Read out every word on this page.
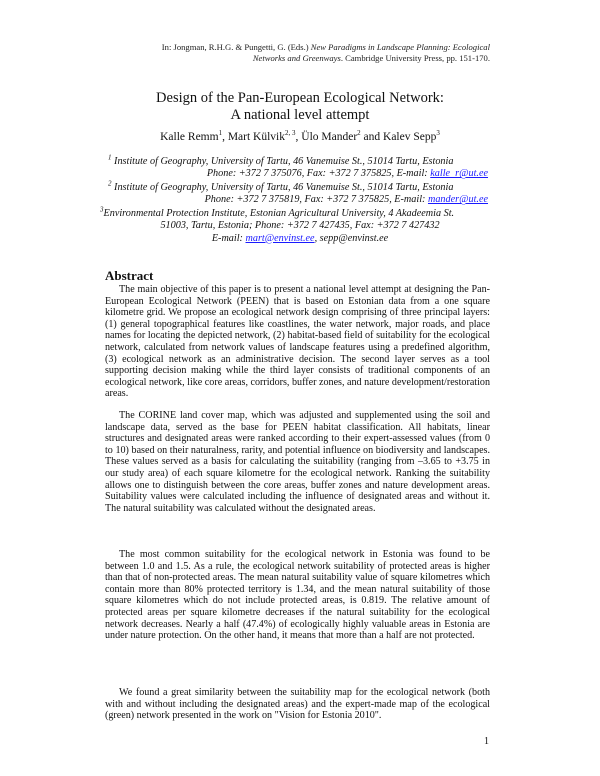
In: Jongman, R.H.G. & Pungetti, G. (Eds.) New Paradigms in Landscape Planning: Ecological
Networks and Greenways. Cambridge University Press, pp. 151-170.
Design of the Pan-European Ecological Network:
A national level attempt
Kalle Remm$^1$, Mart Külvik$^{2, 3}$, Ülo Mander$^2$ and Kalev Sepp$^3$
$^1$ Institute of Geography, University of Tartu, 46 Vanemuise St., 51014 Tartu, Estonia
Phone: +372 7 375076, Fax: +372 7 375825, E-mail: kalle_r@ut.ee
$^2$ Institute of Geography, University of Tartu, 46 Vanemuise St., 51014 Tartu, Estonia
Phone: +372 7 375819, Fax: +372 7 375825, E-mail: mander@ut.ee
$^3$Environmental Protection Institute, Estonian Agricultural University, 4 Akadeemia St.
51003, Tartu, Estonia; Phone: +372 7 427435, Fax: +372 7 427432
E-mail: mart@envinst.ee, sepp@envinst.ee
Abstract
The main objective of this paper is to present a national level attempt at designing the Pan-European Ecological Network (PEEN) that is based on Estonian data from a one square kilometre grid. We propose an ecological network design comprising of three principal layers: (1) general topographical features like coastlines, the water network, major roads, and place names for locating the depicted network, (2) habitat-based field of suitability for the ecological network, calculated from network values of landscape features using a predefined algorithm, (3) ecological network as an administrative decision. The second layer serves as a tool supporting decision making while the third layer consists of traditional components of an ecological network, like core areas, corridors, buffer zones, and nature development/restoration areas.
The CORINE land cover map, which was adjusted and supplemented using the soil and landscape data, served as the base for PEEN habitat classification. All habitats, linear structures and designated areas were ranked according to their expert-assessed values (from 0 to 10) based on their naturalness, rarity, and potential influence on biodiversity and landscapes. These values served as a basis for calculating the suitability (ranging from –3.65 to +3.75 in our study area) of each square kilometre for the ecological network. Ranking the suitability allows one to distinguish between the core areas, buffer zones and nature development areas. Suitability values were calculated including the influence of designated areas and without it. The natural suitability was calculated without the designated areas.
The most common suitability for the ecological network in Estonia was found to be between 1.0 and 1.5. As a rule, the ecological network suitability of protected areas is higher than that of non-protected areas. The mean natural suitability value of square kilometres which contain more than 80% protected territory is 1.34, and the mean natural suitability of those square kilometres which do not include protected areas, is 0.819. The relative amount of protected areas per square kilometre decreases if the natural suitability for the ecological network decreases. Nearly a half (47.4%) of ecologically highly valuable areas in Estonia are under nature protection. On the other hand, it means that more than a half are not protected.
We found a great similarity between the suitability map for the ecological network (both with and without including the designated areas) and the expert-made map of the ecological (green) network presented in the work on "Vision for Estonia 2010".
1
